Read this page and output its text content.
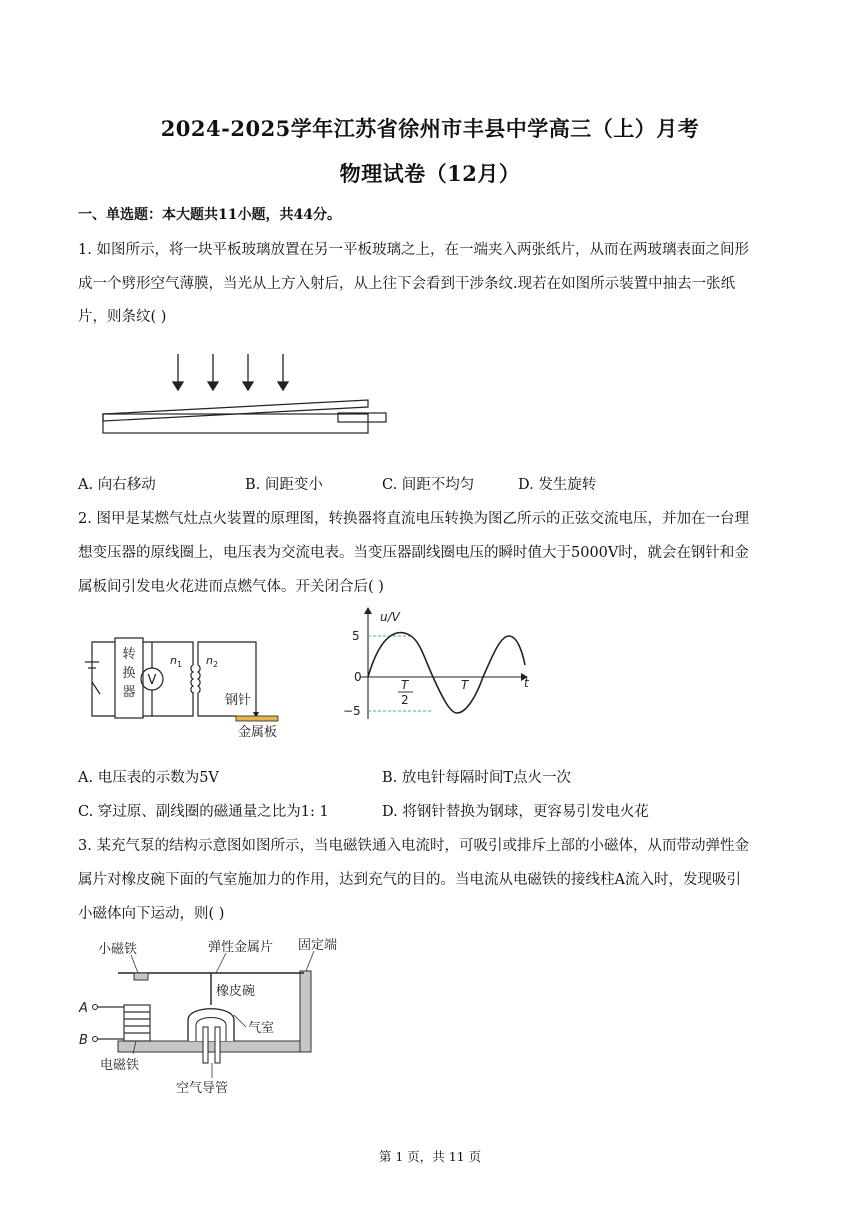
2024-2025学年江苏省徐州市丰县中学高三（上）月考
物理试卷（12月）
一、单选题：本大题共11小题，共44分。
1. 如图所示，将一块平板玻璃放置在另一平板玻璃之上，在一端夹入两张纸片，从而在两玻璃表面之间形
成一个劈形空气薄膜，当光从上方入射后，从上往下会看到干涉条纹.现若在如图所示装置中抽去一张纸
片，则条纹( )
A. 向右移动	B. 间距变小	C. 间距不均匀	D. 发生旋转
2. 图甲是某燃气灶点火装置的原理图，转换器将直流电压转换为图乙所示的正弦交流电压，并加在一台理
想变压器的原线圈上，电压表为交流电表。当变压器副线圈电压的瞬时值大于5000V时，就会在钢针和金
属板间引发电火花进而点燃气体。开关闭合后( )
转
换
器
V
n 1 n 2
钢针
金属板
u/V
t
5
−5
0
T
2
T
A. 电压表的示数为5V	B. 放电针每隔时间T点火一次
C. 穿过原、副线圈的磁通量之比为1: 1	D. 将钢针替换为钢球，更容易引发电火花
3. 某充气泵的结构示意图如图所示，当电磁铁通入电流时，可吸引或排斥上部的小磁体，从而带动弹性金
属片对橡皮碗下面的气室施加力的作用，达到充气的目的。当电流从电磁铁的接线柱A流入时，发现吸引
小磁体向下运动，则( )
小磁铁	弹性金属片 固定端
橡皮碗
气室
A
B
电磁铁
空气导管
第 1 页，共 11 页
